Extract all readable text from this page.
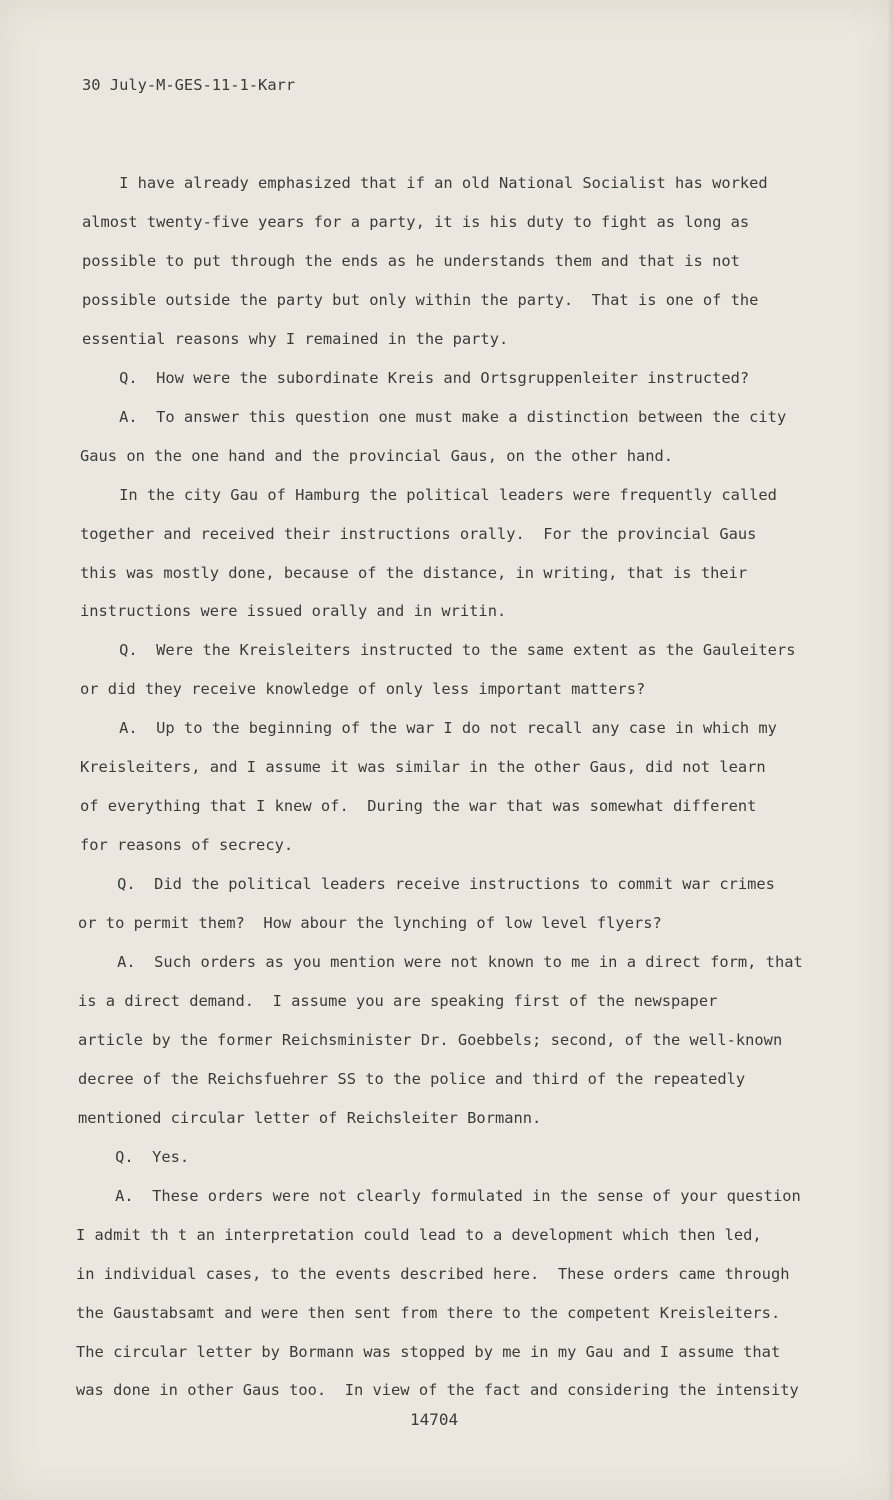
30 July-M-GES-11-1-Karr
I have already emphasized that if an old National Socialist has worked
almost twenty-five years for a party, it is his duty to fight as long as
possible to put through the ends as he understands them and that is not
possible outside the party but only within the party.  That is one of the
essential reasons why I remained in the party.
Q.  How were the subordinate Kreis and Ortsgruppenleiter instructed?
A.  To answer this question one must make a distinction between the city
Gaus on the one hand and the provincial Gaus, on the other hand.
In the city Gau of Hamburg the political leaders were frequently called
together and received their instructions orally.  For the provincial Gaus
this was mostly done, because of the distance, in writing, that is their
instructions were issued orally and in writin.
Q.  Were the Kreisleiters instructed to the same extent as the Gauleiters
or did they receive knowledge of only less important matters?
A.  Up to the beginning of the war I do not recall any case in which my
Kreisleiters, and I assume it was similar in the other Gaus, did not learn
of everything that I knew of.  During the war that was somewhat different
for reasons of secrecy.
Q.  Did the political leaders receive instructions to commit war crimes
or to permit them?  How abour the lynching of low level flyers?
A.  Such orders as you mention were not known to me in a direct form, that
is a direct demand.  I assume you are speaking first of the newspaper
article by the former Reichsminister Dr. Goebbels; second, of the well-known
decree of the Reichsfuehrer SS to the police and third of the repeatedly
mentioned circular letter of Reichsleiter Bormann.
Q.  Yes.
A.  These orders were not clearly formulated in the sense of your question
I admit th t an interpretation could lead to a development which then led,
in individual cases, to the events described here.  These orders came through
the Gaustabsamt and were then sent from there to the competent Kreisleiters.
The circular letter by Bormann was stopped by me in my Gau and I assume that
was done in other Gaus too.  In view of the fact and considering the intensity
14704
